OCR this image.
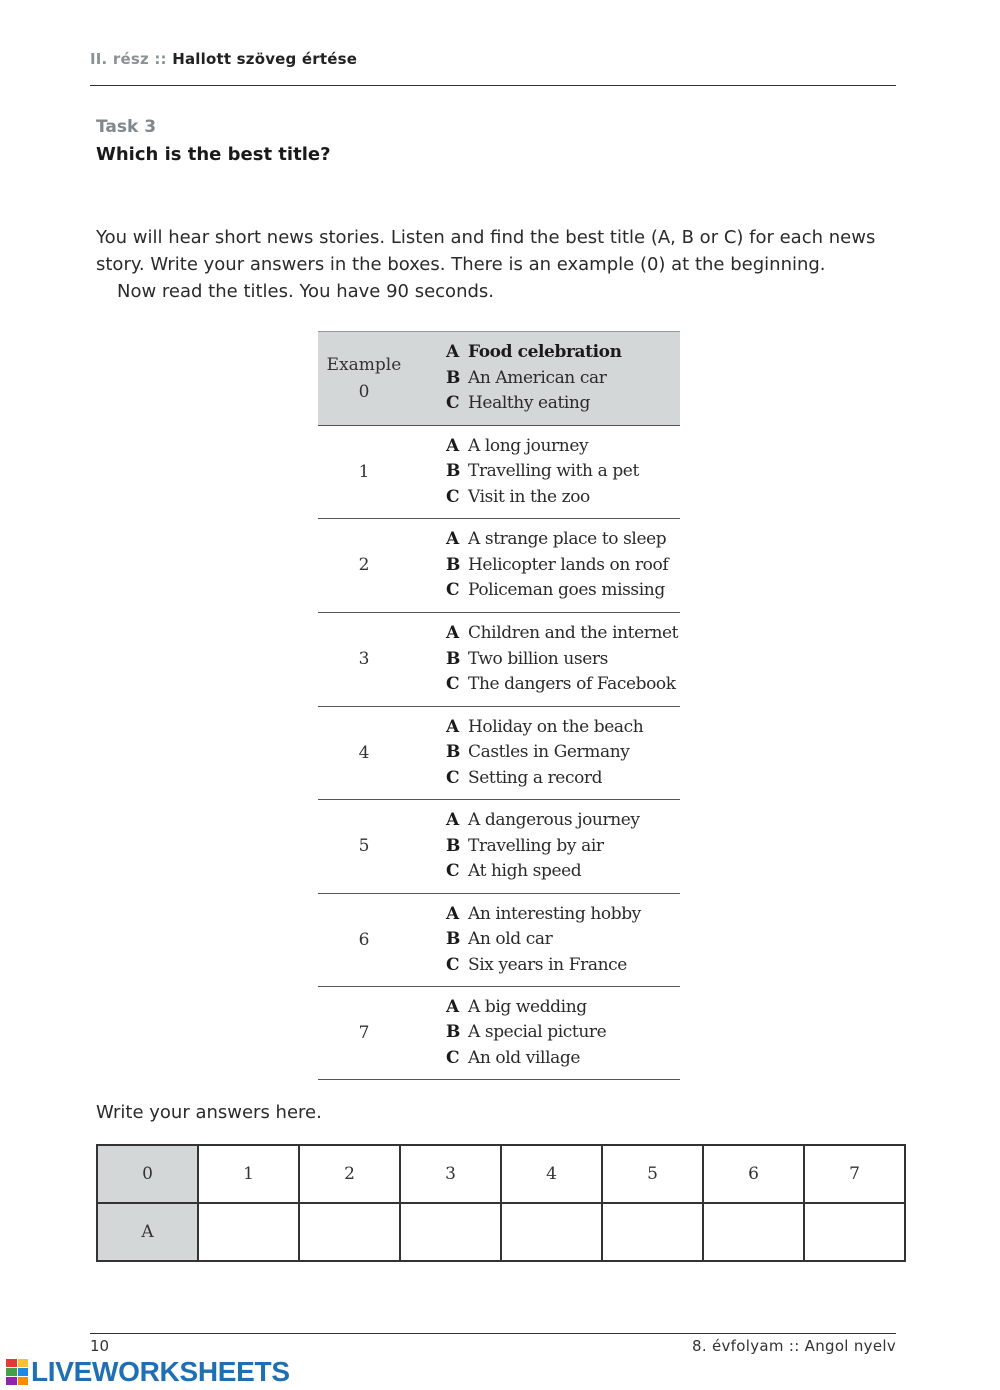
II. rész :: Hallott szöveg értése
Task 3
Which is the best title?

You will hear short news stories. Listen and find the best title (A, B or C) for each news story. Write your answers in the boxes. There is an example (0) at the beginning.

Now read the titles. You have 90 seconds.

Example
0
A Food celebration
B An American car
C Healthy eating
1
A A long journey
B Travelling with a pet
C Visit in the zoo
2
A A strange place to sleep
B Helicopter lands on roof
C Policeman goes missing
3
A Children and the internet
B Two billion users
C The dangers of Facebook
4
A Holiday on the beach
B Castles in Germany
C Setting a record
5
A A dangerous journey
B Travelling by air
C At high speed
6
A An interesting hobby
B An old car
C Six years in France
7
A A big wedding
B A special picture
C An old village
Write your answers here.
0	1	2	3	4	5	6	7
A							
10	8. évfolyam :: Angol nyelv
LIVEWORKSHEETS
